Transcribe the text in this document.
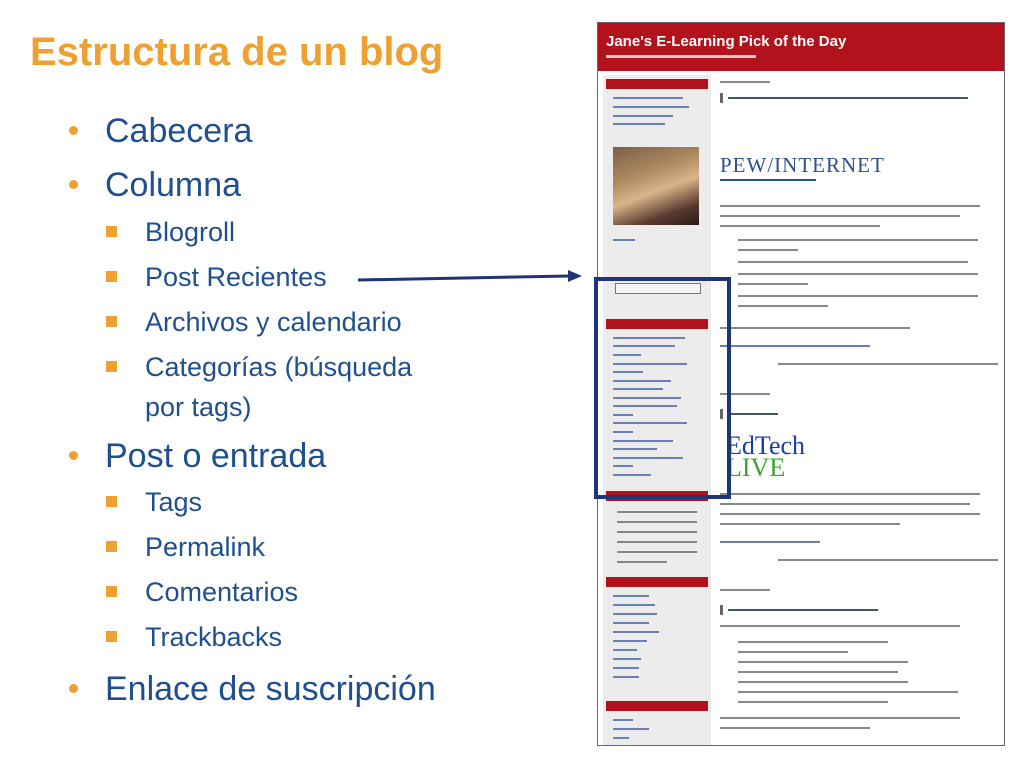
Estructura de un blog
Cabecera
Columna
Blogroll
Post Recientes
Archivos y calendario
Categorías (búsqueda
por tags)
Post o entrada
Tags
Permalink
Comentarios
Trackbacks
Enlace de suscripción
Jane's E-Learning Pick of the Day
PEW/INTERNET
EdTech
LIVE
